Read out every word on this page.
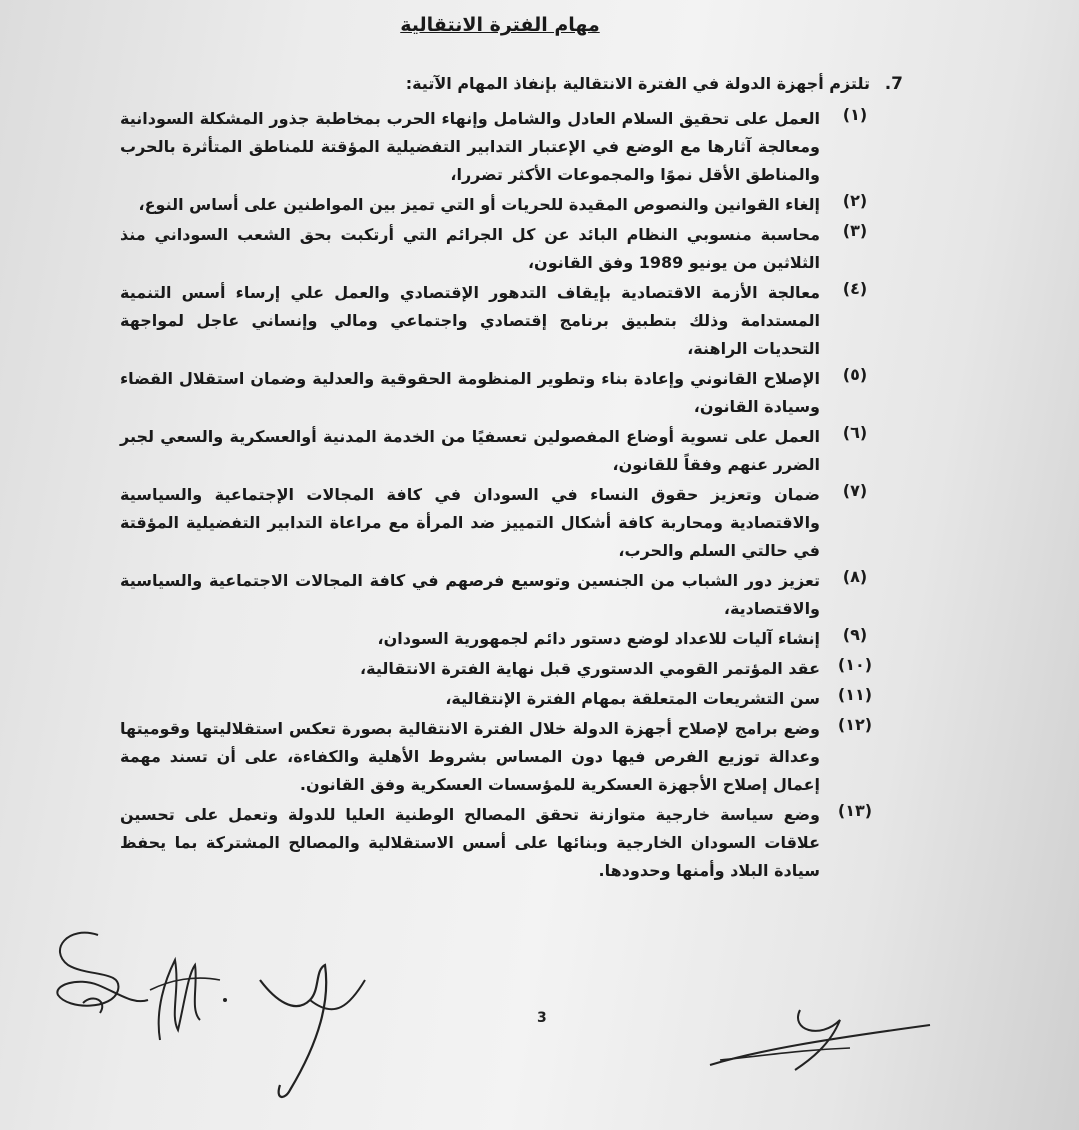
مهام الفترة الانتقالية
7.
تلتزم أجهزة الدولة في الفترة الانتقالية بإنفاذ المهام الآتية:
(١)
العمل على تحقيق السلام العادل والشامل وإنهاء الحرب بمخاطبة جذور المشكلة السودانية ومعالجة آثارها مع الوضع في الإعتبار التدابير التفضيلية المؤقتة للمناطق المتأثرة بالحرب والمناطق الأقل نموًا والمجموعات الأكثر تضررا،
(٢)
إلغاء القوانين والنصوص المقيدة للحريات أو التي تميز بين المواطنين على أساس النوع،
(٣)
محاسبة منسوبي النظام البائد عن كل الجرائم التي أرتكبت بحق الشعب السوداني منذ الثلاثين من يونيو 1989 وفق القانون،
(٤)
معالجة الأزمة الاقتصادية بإيقاف التدهور الإقتصادي والعمل علي إرساء أسس التنمية المستدامة وذلك بتطبيق برنامج إقتصادي واجتماعي ومالي وإنساني عاجل لمواجهة التحديات الراهنة،
(٥)
الإصلاح القانوني وإعادة بناء وتطوير المنظومة الحقوقية والعدلية وضمان استقلال القضاء وسيادة القانون،
(٦)
العمل على تسوية أوضاع المفصولين تعسفيًا من الخدمة المدنية أوالعسكرية والسعي لجبر الضرر عنهم وفقاً للقانون،
(٧)
ضمان وتعزيز حقوق النساء في السودان في كافة المجالات الإجتماعية والسياسية والاقتصادية ومحاربة كافة أشكال التمييز ضد المرأة مع مراعاة التدابير التفضيلية المؤقتة في حالتي السلم والحرب،
(٨)
تعزيز دور الشباب من الجنسين وتوسيع فرصهم في كافة المجالات الاجتماعية والسياسية والاقتصادية،
(٩)
إنشاء آليات للاعداد لوضع دستور دائم لجمهورية السودان،
(١٠)
عقد المؤتمر القومي الدستوري قبل نهاية الفترة الانتقالية،
(١١)
سن التشريعات المتعلقة بمهام الفترة الإنتقالية،
(١٢)
وضع برامج لإصلاح أجهزة الدولة خلال الفترة الانتقالية بصورة تعكس استقلاليتها وقوميتها وعدالة توزيع الفرص فيها دون المساس بشروط الأهلية والكفاءة، على أن تسند مهمة إعمال إصلاح الأجهزة العسكرية للمؤسسات العسكرية وفق القانون.
(١٣)
وضع سياسة خارجية متوازنة تحقق المصالح الوطنية العليا للدولة وتعمل على تحسين علاقات السودان الخارجية وبنائها على أسس الاستقلالية والمصالح المشتركة بما يحفظ سيادة البلاد وأمنها وحدودها.
3
